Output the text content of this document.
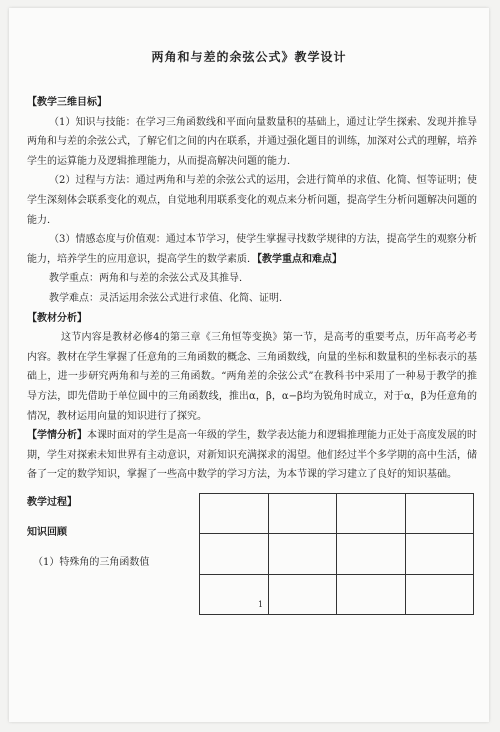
两角和与差的余弦公式》教学设计

【教学三维目标】

（1）知识与技能：在学习三角函数线和平面向量数量积的基础上，通过让学生探索、发现并推导两角和与差的余弦公式，了解它们之间的内在联系，并通过强化题目的训练，加深对公式的理解，培养学生的运算能力及逻辑推理能力，从而提高解决问题的能力．

（2）过程与方法：通过两角和与差的余弦公式的运用，会进行简单的求值、化简、恒等证明；使学生深刻体会联系变化的观点，自觉地利用联系变化的观点来分析问题，提高学生分析问题解决问题的能力．

（3）情感态度与价值观：通过本节学习，使学生掌握寻找数学规律的方法，提高学生的观察分析能力，培养学生的应用意识，提高学生的数学素质．【教学重点和难点】

教学重点：两角和与差的余弦公式及其推导．

教学难点：灵活运用余弦公式进行求值、化简、证明．

【教材分析】

这节内容是教材必修4的第三章《三角恒等变换》第一节，是高考的重要考点，历年高考必考内容。教材在学生掌握了任意角的三角函数的概念、三角函数线，向量的坐标和数量积的坐标表示的基础上，进一步研究两角和与差的三角函数。“两角差的余弦公式”在教科书中采用了一种易于教学的推导方法，即先借助于单位圆中的三角函数线，推出α，β，α−β均为锐角时成立，对于α，β为任意角的情况，教材运用向量的知识进行了探究。

【学情分析】本课时面对的学生是高一年级的学生，数学表达能力和逻辑推理能力正处于高度发展的时期，学生对探索未知世界有主动意识，对新知识充满探求的渴望。他们经过半个多学期的高中生活，储备了一定的数学知识，掌握了一些高中数学的学习方法，为本节课的学习建立了良好的知识基础。

教学过程】
知识回顾
（1）特殊角的三角函数值

1
